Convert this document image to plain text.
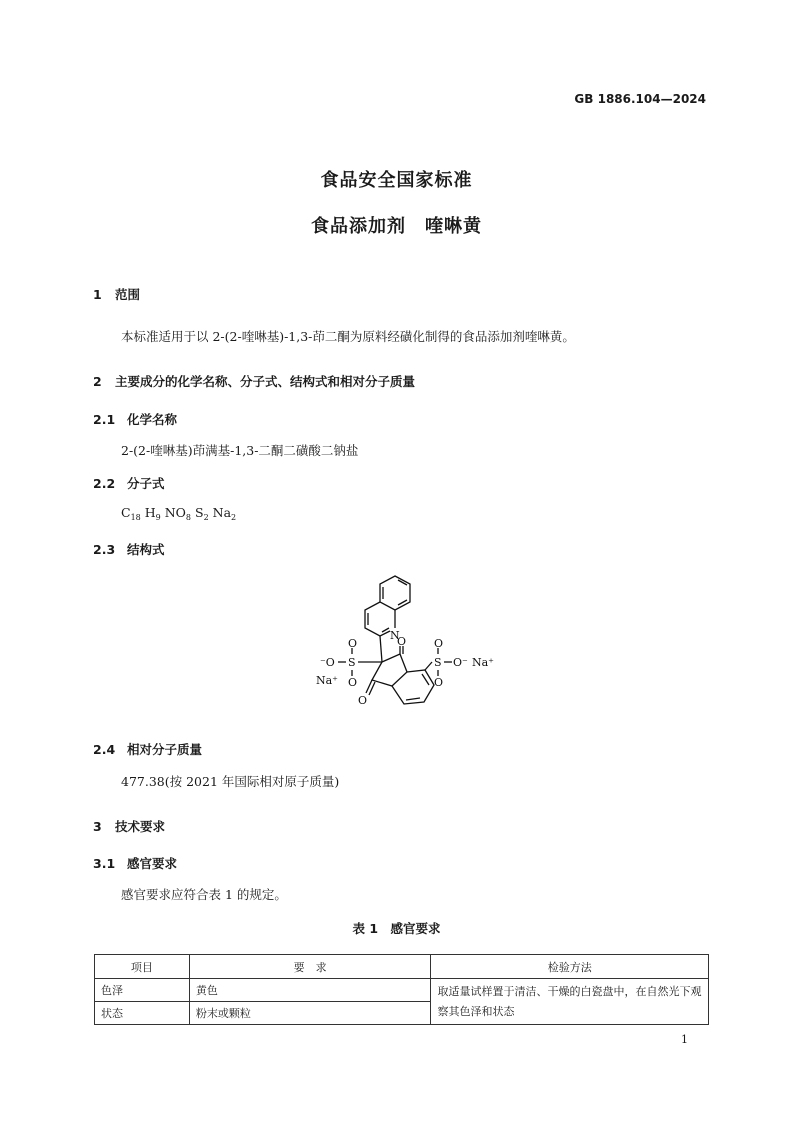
GB 1886.104—2024
食品安全国家标准
食品添加剂　喹啉黄
1 范围
本标准适用于以 2-(2-喹啉基)-1,3-茚二酮为原料经磺化制得的食品添加剂喹啉黄。
2 主要成分的化学名称、分子式、结构式和相对分子质量
2.1 化学名称
2-(2-喹啉基)茚满基-1,3-二酮二磺酸二钠盐
2.2 分子式
$C_{18}$ $H_9$ $NO_8$ $S_2$ $Na_2$
2.3 结构式
N
O
O
S	S
O
O
O
O
⁻O	O⁻
Na⁺
Na⁺
2.4 相对分子质量
477.38(按 2021 年国际相对原子质量)
3 技术要求
3.1 感官要求
感官要求应符合表 1 的规定。
表 1　感官要求
项目	要　求	检验方法
色泽	黄色	取适量试样置于清洁、干燥的白瓷盘中，在自然光下观察其色泽和状态
状态	粉末或颗粒	
1
